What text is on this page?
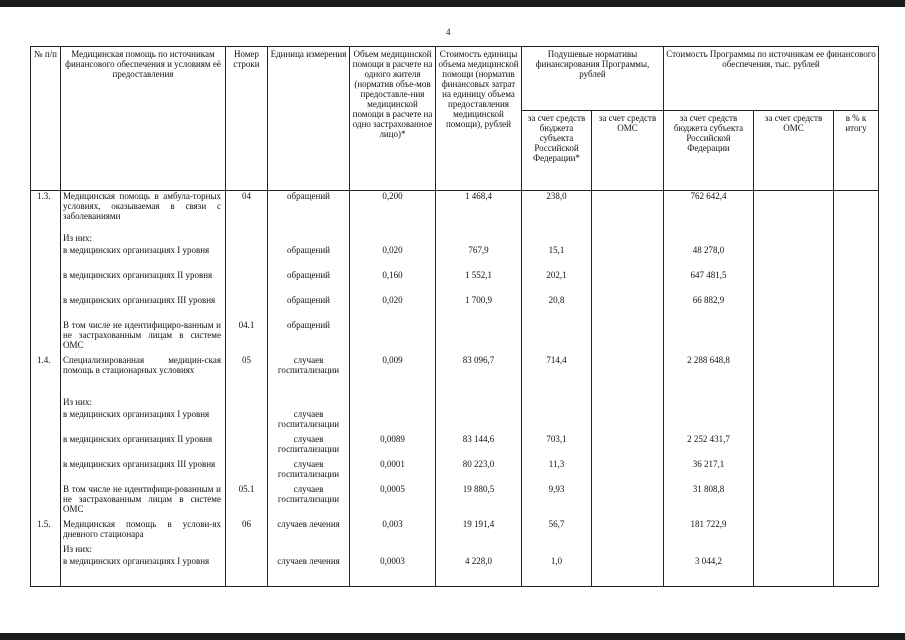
4
№ п/п	Медицинская помощь по источникам финансового обеспечения и условиям её предоставления	Номер строки	Единица измерения	Объем медицинской помощи в расчете на одного жителя (норматив объе-мов предоставле-ния медицинской помощи в расчете на одно застрахованное лицо)*	Стоимость единицы объема медицинской помощи (норматив финансовых затрат на единицу объема предоставления медицинской помощи), рублей	Подушевые нормативы финансирования Программы, рублей		Стоимость Программы по источникам ее финансового обеспечения, тыс. рублей		
						за счет средств бюджета субъекта Российской Федерации*	за счет средств ОМС	за счет средств бюджета субъекта Российской Федерации	за счет средств ОМС	в % к итогу
1.3.	Медицинская помощь в амбула-торных условиях, оказываемая в связи с заболеваниями	04	обращений	0,200	1 468,4	238,0		762 642,4		
	Из них:									
	в медицинских организациях I уровня		обращений	0,020	767,9	15,1		48 278,0		
	в медицинских организациях II уровня		обращений	0,160	1 552,1	202,1		647 481,5		
	в медицинских организациях III уровня		обращений	0,020	1 700,9	20,8		66 882,9		
	В том числе не идентифициро-ванным и не застрахованным лицам в системе ОМС	04.1	обращений							
1.4.	Специализированная медицин-ская помощь в стационарных условиях	05	случаев госпитализации	0,009	83 096,7	714,4		2 288 648,8		
	Из них:									
	в медицинских организациях I уровня		случаев госпитализации							
	в медицинских организациях II уровня		случаев госпитализации	0,0089	83 144,6	703,1		2 252 431,7		
	в медицинских организациях III уровня		случаев госпитализации	0,0001	80 223,0	11,3		36 217,1		
	В том числе не идентифици-рованным и не застрахованным лицам в системе ОМС	05.1	случаев госпитализации	0,0005	19 880,5	9,93		31 808,8		
1.5.	Медицинская помощь в услови-ях дневного стационара	06	случаев лечения	0,003	19 191,4	56,7		181 722,9		
	Из них:									
	в медицинских организациях I уровня		случаев лечения	0,0003	4 228,0	1,0		3 044,2		
